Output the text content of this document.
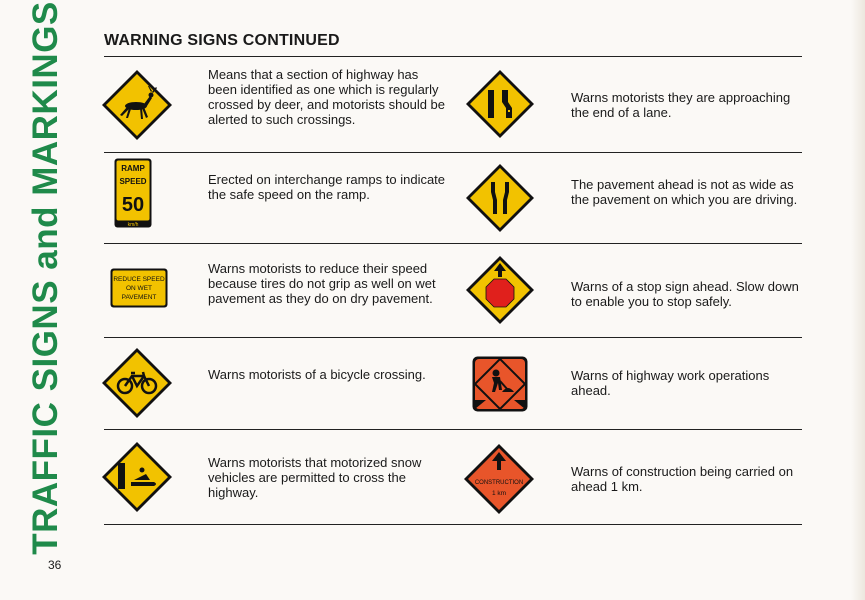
TRAFFIC SIGNS and MARKINGS
36
WARNING SIGNS CONTINUED
Means that a section of highway has been identified as one which is regularly crossed by deer, and motorists should be alerted to such crossings.
RAMP
SPEED
50
km/h
Erected on interchange ramps to indicate the safe speed on the ramp.
REDUCE SPEED
ON WET
PAVEMENT
Warns motorists to reduce their speed because tires do not grip as well on wet pavement as they do on dry pavement.
Warns motorists of a bicycle crossing.
Warns motorists that motorized snow vehicles are permitted to cross the highway.
Warns motorists they are approaching the end of a lane.
The pavement ahead is not as wide as the pavement on which you are driving.
Warns of a stop sign ahead. Slow down to enable you to stop safely.
Warns of highway work operations ahead.
CONSTRUCTION
1 km
Warns of construction being carried on ahead 1 km.
